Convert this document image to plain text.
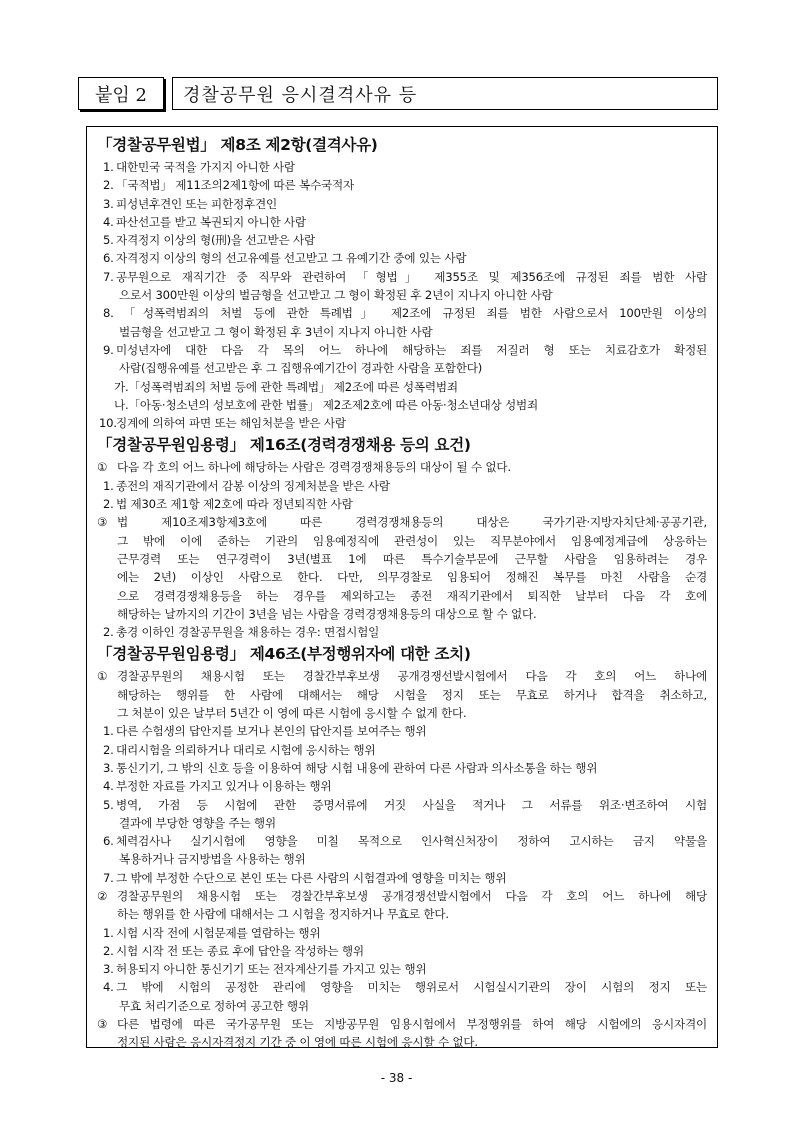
붙임 2	경찰공무원 응시결격사유 등
「경찰공무원법」 제8조 제2항(결격사유)
1. 대한민국 국적을 가지지 아니한 사람
2. 「국적법」 제11조의2제1항에 따른 복수국적자
3. 피성년후견인 또는 피한정후견인
4. 파산선고를 받고 복권되지 아니한 사람
5. 자격정지 이상의 형(刑)을 선고받은 사람
6. 자격정지 이상의 형의 선고유예를 선고받고 그 유예기간 중에 있는 사람
7. 공무원으로 재직기간 중 직무와 관련하여 「형법」 제355조 및 제356조에 규정된 죄를 범한 사람
으로서 300만원 이상의 벌금형을 선고받고 그 형이 확정된 후 2년이 지나지 아니한 사람
8. 「성폭력범죄의 처벌 등에 관한 특례법」 제2조에 규정된 죄를 범한 사람으로서 100만원 이상의
벌금형을 선고받고 그 형이 확정된 후 3년이 지나지 아니한 사람
9. 미성년자에 대한 다음 각 목의 어느 하나에 해당하는 죄를 저질러 형 또는 치료감호가 확정된
사람(집행유예를 선고받은 후 그 집행유예기간이 경과한 사람을 포함한다)
가.「성폭력범죄의 처벌 등에 관한 특례법」 제2조에 따른 성폭력범죄
나.「아동·청소년의 성보호에 관한 법률」 제2조제2호에 따른 아동·청소년대상 성범죄
10.징계에 의하여 파면 또는 해임처분을 받은 사람
「경찰공무원임용령」 제16조(경력경쟁채용 등의 요건)
① 다음 각 호의 어느 하나에 해당하는 사람은 경력경쟁채용등의 대상이 될 수 없다.
1. 종전의 재직기관에서 감봉 이상의 징계처분을 받은 사람
2. 법 제30조 제1항 제2호에 따라 정년퇴직한 사람
③ 법 제10조제3항제3호에 따른 경력경쟁채용등의 대상은 국가기관·지방자치단체·공공기관,
그 밖에 이에 준하는 기관의 임용예정직에 관련성이 있는 직무분야에서 임용예정계급에 상응하는
근무경력 또는 연구경력이 3년(별표 1에 따른 특수기술부문에 근무할 사람을 임용하려는 경우
에는 2년) 이상인 사람으로 한다. 다만, 의무경찰로 임용되어 정해진 복무를 마친 사람을 순경
으로 경력경쟁채용등을 하는 경우를 제외하고는 종전 재직기관에서 퇴직한 날부터 다음 각 호에
해당하는 날까지의 기간이 3년을 넘는 사람을 경력경쟁채용등의 대상으로 할 수 없다.
2. 총경 이하인 경찰공무원을 채용하는 경우: 면접시험일
「경찰공무원임용령」 제46조(부정행위자에 대한 조치)
① 경찰공무원의 채용시험 또는 경찰간부후보생 공개경쟁선발시험에서 다음 각 호의 어느 하나에
해당하는 행위를 한 사람에 대해서는 해당 시험을 정지 또는 무효로 하거나 합격을 취소하고,
그 처분이 있은 날부터 5년간 이 영에 따른 시험에 응시할 수 없게 한다.
1. 다른 수험생의 답안지를 보거나 본인의 답안지를 보여주는 행위
2. 대리시험을 의뢰하거나 대리로 시험에 응시하는 행위
3. 통신기기, 그 밖의 신호 등을 이용하여 해당 시험 내용에 관하여 다른 사람과 의사소통을 하는 행위
4. 부정한 자료를 가지고 있거나 이용하는 행위
5. 병역, 가점 등 시험에 관한 증명서류에 거짓 사실을 적거나 그 서류를 위조·변조하여 시험
결과에 부당한 영향을 주는 행위
6. 체력검사나 실기시험에 영향을 미칠 목적으로 인사혁신처장이 정하여 고시하는 금지 약물을
복용하거나 금지방법을 사용하는 행위
7. 그 밖에 부정한 수단으로 본인 또는 다른 사람의 시험결과에 영향을 미치는 행위
② 경찰공무원의 채용시험 또는 경찰간부후보생 공개경쟁선발시험에서 다음 각 호의 어느 하나에 해당
하는 행위를 한 사람에 대해서는 그 시험을 정지하거나 무효로 한다.
1. 시험 시작 전에 시험문제를 열람하는 행위
2. 시험 시작 전 또는 종료 후에 답안을 작성하는 행위
3. 허용되지 아니한 통신기기 또는 전자계산기를 가지고 있는 행위
4. 그 밖에 시험의 공정한 관리에 영향을 미치는 행위로서 시험실시기관의 장이 시험의 정지 또는
무효 처리기준으로 정하여 공고한 행위
③ 다른 법령에 따른 국가공무원 또는 지방공무원 임용시험에서 부정행위를 하여 해당 시험에의 응시자격이
정지된 사람은 응시자격정지 기간 중 이 영에 따른 시험에 응시할 수 없다.
- 38 -
